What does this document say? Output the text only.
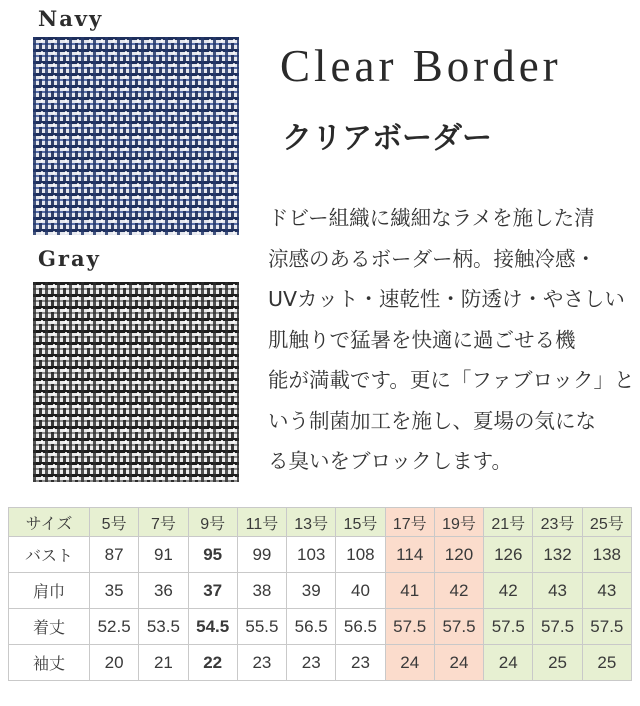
Navy
Gray
Clear Border
クリアボーダー
ドビー組織に繊細なラメを施した清
涼感のあるボーダー柄。接触冷感・
UVカット・速乾性・防透け・やさしい
肌触りで猛暑を快適に過ごせる機
能が満載です。更に「ファブロック」と
いう制菌加工を施し、夏場の気にな
る臭いをブロックします。
サイズ	5号	7号	9号	11号	13号	15号	17号	19号	21号	23号	25号
バスト	87	91	95	99	103	108	114	120	126	132	138
肩巾	35	36	37	38	39	40	41	42	42	43	43
着丈	52.5	53.5	54.5	55.5	56.5	56.5	57.5	57.5	57.5	57.5	57.5
袖丈	20	21	22	23	23	23	24	24	24	25	25
